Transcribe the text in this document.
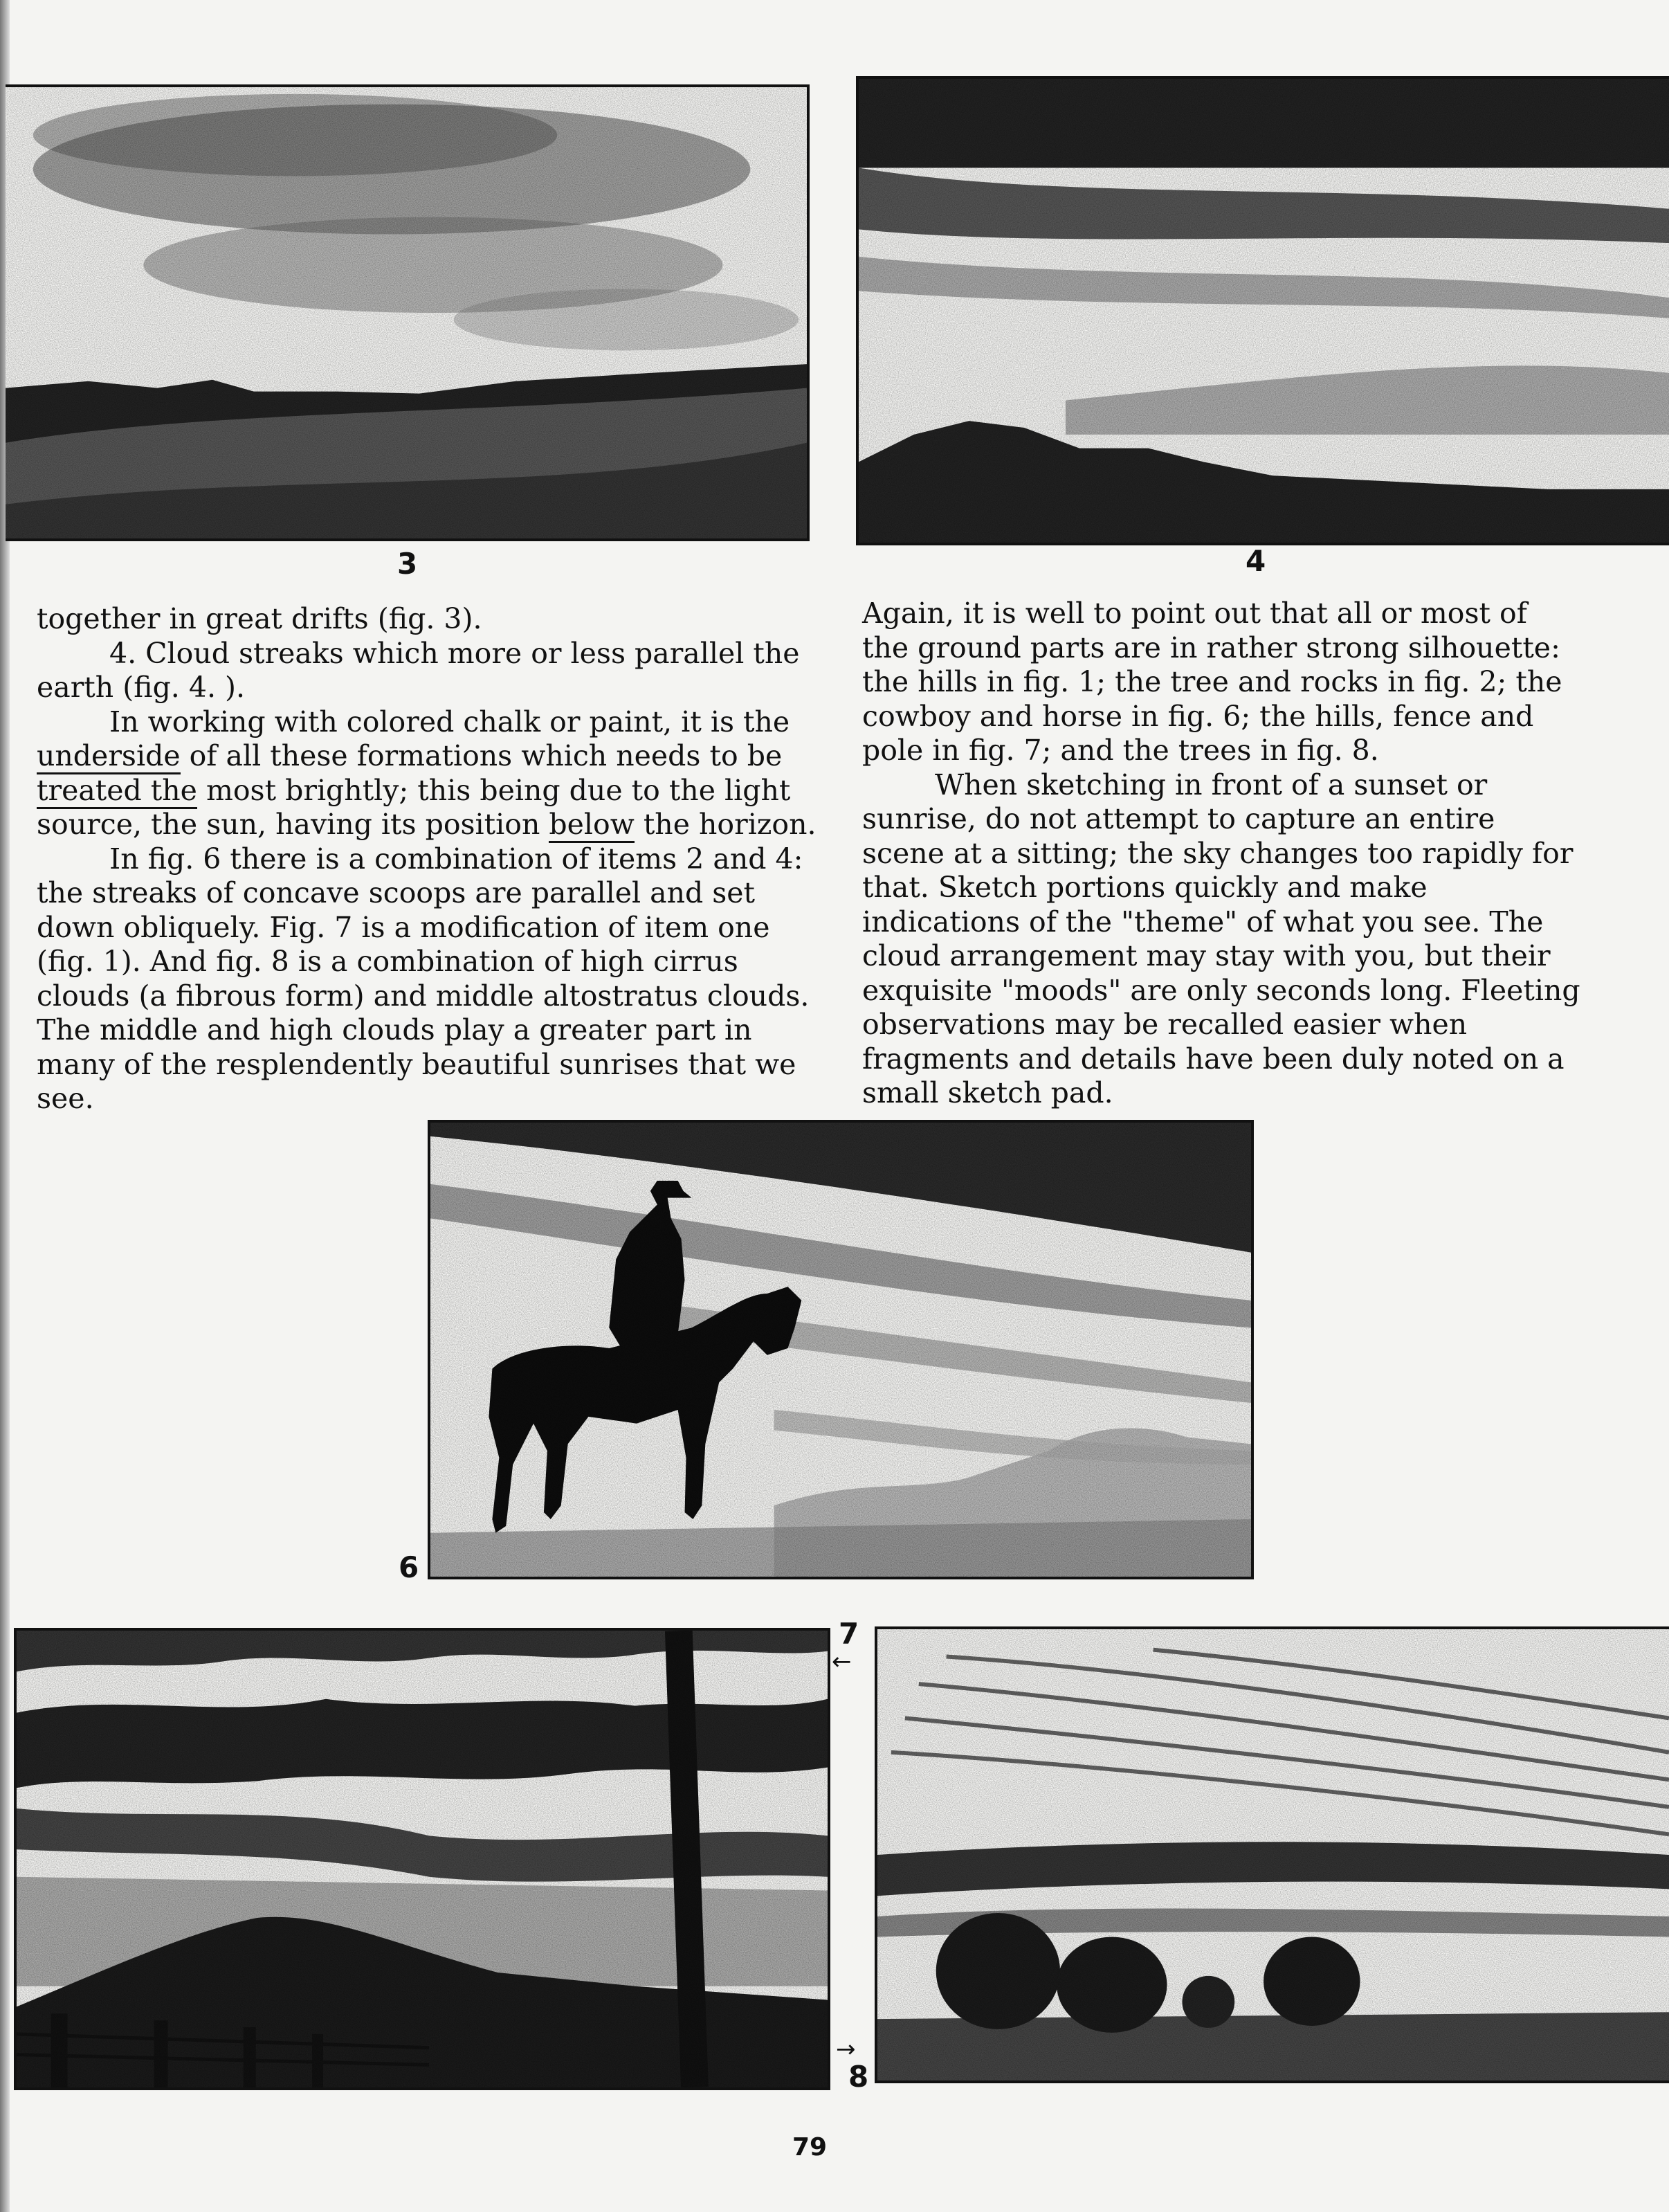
3	4

together in great drifts (fig. 3).

4. Cloud streaks which more or less parallel the earth (fig. 4. ).

In working with colored chalk or paint, it is the underside of all these formations which needs to be treated the most brightly; this being due to the light source, the sun, having its position below the horizon.

In fig. 6 there is a combination of items 2 and 4: the streaks of concave scoops are parallel and set down obliquely. Fig. 7 is a modification of item one (fig. 1). And fig. 8 is a combination of high cirrus clouds (a fibrous form) and middle altostratus clouds. The middle and high clouds play a greater part in many of the resplendently beautiful sunrises that we see.

Again, it is well to point out that all or most of the ground parts are in rather strong silhouette: the hills in fig. 1; the tree and rocks in fig. 2; the cowboy and horse in fig. 6; the hills, fence and pole in fig. 7; and the trees in fig. 8.

When sketching in front of a sunset or sunrise, do not attempt to capture an entire scene at a sitting; the sky changes too rapidly for that. Sketch portions quickly and make indications of the "theme" of what you see. The cloud arrangement may stay with you, but their exquisite "moods" are only seconds long. Fleeting observations may be recalled easier when fragments and details have been duly noted on a small sketch pad.

6
7
←
→
8
79
